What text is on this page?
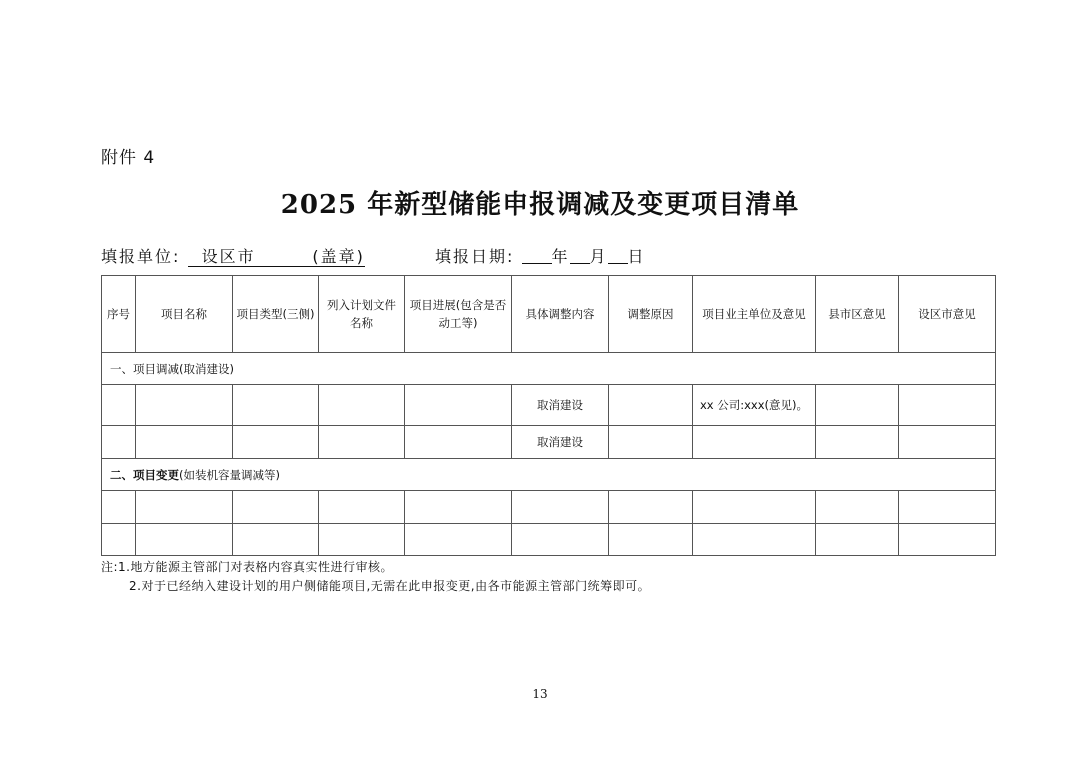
附件 4
2025 年新型储能申报调减及变更项目清单
填报单位: 设区市	(盖章)	填报日期: 年 月 日
序号	项目名称	项目类型(三侧)	列入计划文件名称	项目进展(包含是否动工等)	具体调整内容	调整原因	项目业主单位及意见	县市区意见	设区市意见
一、项目调减(取消建设)									
					取消建设		xx 公司:xxx(意见)。		
					取消建设				
二、项目变更(如装机容量调减等)									

注:1.地方能源主管部门对表格内容真实性进行审核。
2.对于已经纳入建设计划的用户侧储能项目,无需在此申报变更,由各市能源主管部门统筹即可。
13
